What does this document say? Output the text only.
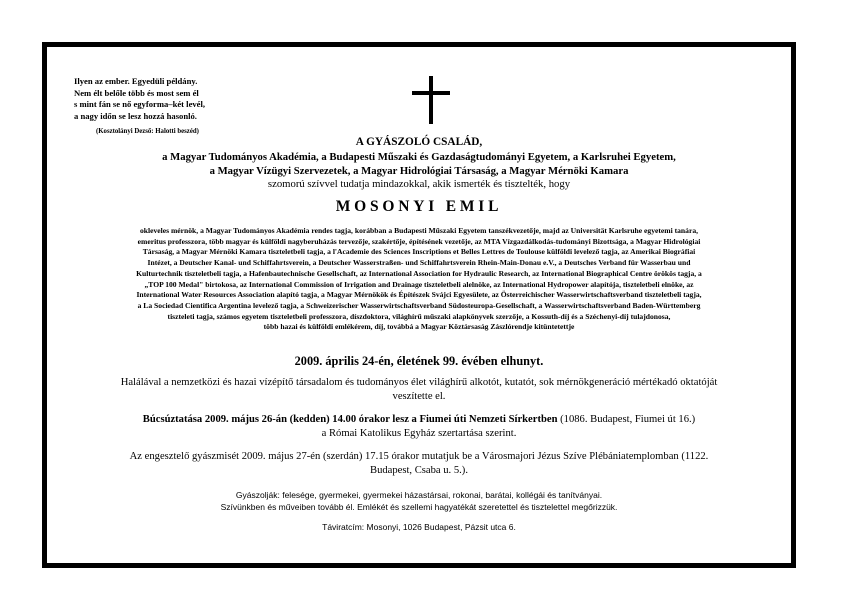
Ilyen az ember. Egyedüli példány.
Nem élt belőle több és most sem él
s mint fán se nő egyforma–két levél,
a nagy időn se lesz hozzá hasonló.
(Kosztolányi Dezső: Halotti beszéd)
A GYÁSZOLÓ CSALÁD,
a Magyar Tudományos Akadémia, a Budapesti Műszaki és Gazdaságtudományi Egyetem, a Karlsruhei Egyetem,
a Magyar Vízügyi Szervezetek, a Magyar Hidrológiai Társaság, a Magyar Mérnöki Kamara
szomorú szívvel tudatja mindazokkal, akik ismerték és tisztelték, hogy
MOSONYI EMIL
okleveles mérnök, a Magyar Tudományos Akadémia rendes tagja, korábban a Budapesti Műszaki Egyetem tanszékvezetője, majd az Universität Karlsruhe egyetemi tanára,
emeritus professzora, több magyar és külföldi nagyberuházás tervezője, szakértője, építésének vezetője, az MTA Vízgazdálkodás-tudományi Bizottsága, a Magyar Hidrológiai
Társaság, a Magyar Mérnöki Kamara tiszteletbeli tagja, a l'Academie des Sciences Inscriptions et Belles Lettres de Toulouse külföldi levelező tagja, az Amerikai Biográfiai
Intézet, a Deutscher Kanal- und Schiffahrtsverein, a Deutscher Wasserstraßen- und Schiffahrtsverein Rhein-Main-Donau e.V., a Deutsches Verband für Wasserbau und
Kulturtechnik tiszteletbeli tagja, a Hafenbautechnische Gesellschaft, az International Association for Hydraulic Research, az International Biographical Centre örökös tagja, a
„TOP 100 Medal" birtokosa, az International Commission of Irrigation and Drainage tiszteletbeli alelnöke, az International Hydropower alapítója, tiszteletbeli elnöke, az
International Water Resources Association alapító tagja, a Magyar Mérnökök és Építészek Svájci Egyesülete, az Österreichischer Wasserwirtschaftsverband tiszteletbeli tagja,
a La Sociedad Cientifica Argentina levelező tagja, a Schweizerischer Wasserwirtschaftsverband Südosteuropa-Gesellschaft, a Wasserwirtschaftsverband Baden-Württemberg
tiszteleti tagja, számos egyetem tiszteletbeli professzora, díszdoktora, világhírű műszaki alapkönyvek szerzője, a Kossuth-díj és a Széchenyi-díj tulajdonosa,
több hazai és külföldi emlékérem, díj, továbbá a Magyar Köztársaság Zászlórendje kitüntetettje
2009. április 24-én, életének 99. évében elhunyt.
Halálával a nemzetközi és hazai vízépítő társadalom és tudományos élet világhírű alkotót, kutatót, sok mérnökgeneráció mértékadó oktatóját
veszítette el.
Búcsúztatása 2009. május 26-án (kedden) 14.00 órakor lesz a Fiumei úti Nemzeti Sírkertben (1086. Budapest, Fiumei út 16.)
a Római Katolikus Egyház szertartása szerint.
Az engesztelő gyászmisét 2009. május 27-én (szerdán) 17.15 órakor mutatjuk be a Városmajori Jézus Szíve Plébániatemplomban (1122.
Budapest, Csaba u. 5.).
Gyászolják: felesége, gyermekei, gyermekei házastársai, rokonai, barátai, kollégái és tanítványai.
Szívünkben és műveiben tovább él. Emlékét és szellemi hagyatékát szeretettel és tisztelettel megőrizzük.
Táviratcím: Mosonyi, 1026 Budapest, Pázsit utca 6.
